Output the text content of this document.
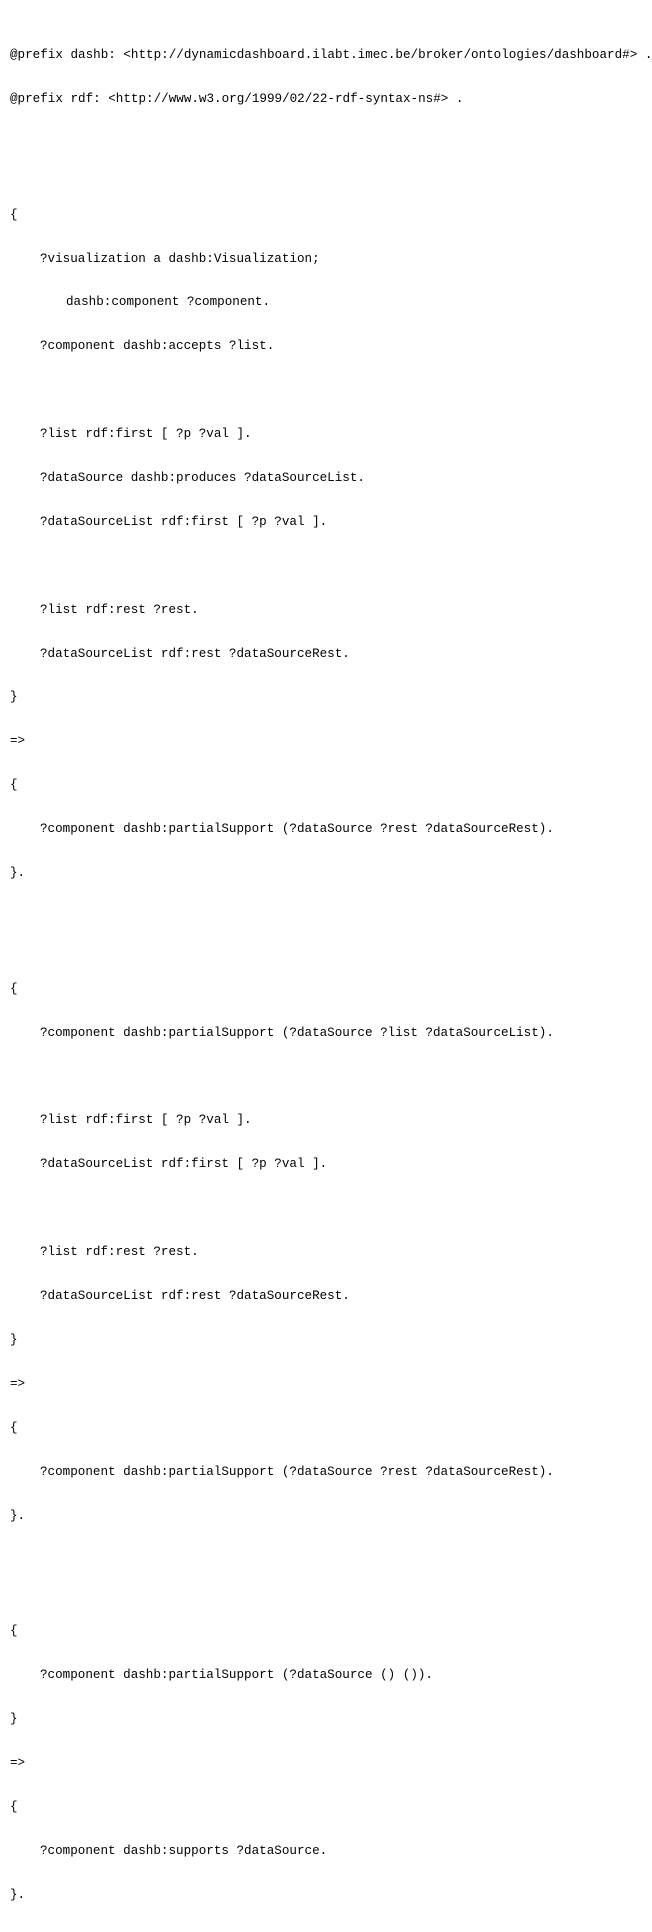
@prefix dashb: <http://dynamicdashboard.ilabt.imec.be/broker/ontologies/dashboard#> .

@prefix rdf: <http://www.w3.org/1999/02/22-rdf-syntax-ns#> .

{

?visualization a dashb:Visualization;

dashb:component ?component.

?component dashb:accepts ?list.

?list rdf:first [ ?p ?val ].

?dataSource dashb:produces ?dataSourceList.

?dataSourceList rdf:first [ ?p ?val ].

?list rdf:rest ?rest.

?dataSourceList rdf:rest ?dataSourceRest.

}

=>

{

?component dashb:partialSupport (?dataSource ?rest ?dataSourceRest).

}.

{

?component dashb:partialSupport (?dataSource ?list ?dataSourceList).

?list rdf:first [ ?p ?val ].

?dataSourceList rdf:first [ ?p ?val ].

?list rdf:rest ?rest.

?dataSourceList rdf:rest ?dataSourceRest.

}

=>

{

?component dashb:partialSupport (?dataSource ?rest ?dataSourceRest).

}.

{

?component dashb:partialSupport (?dataSource () ()).

}

=>

{

?component dashb:supports ?dataSource.

}.
